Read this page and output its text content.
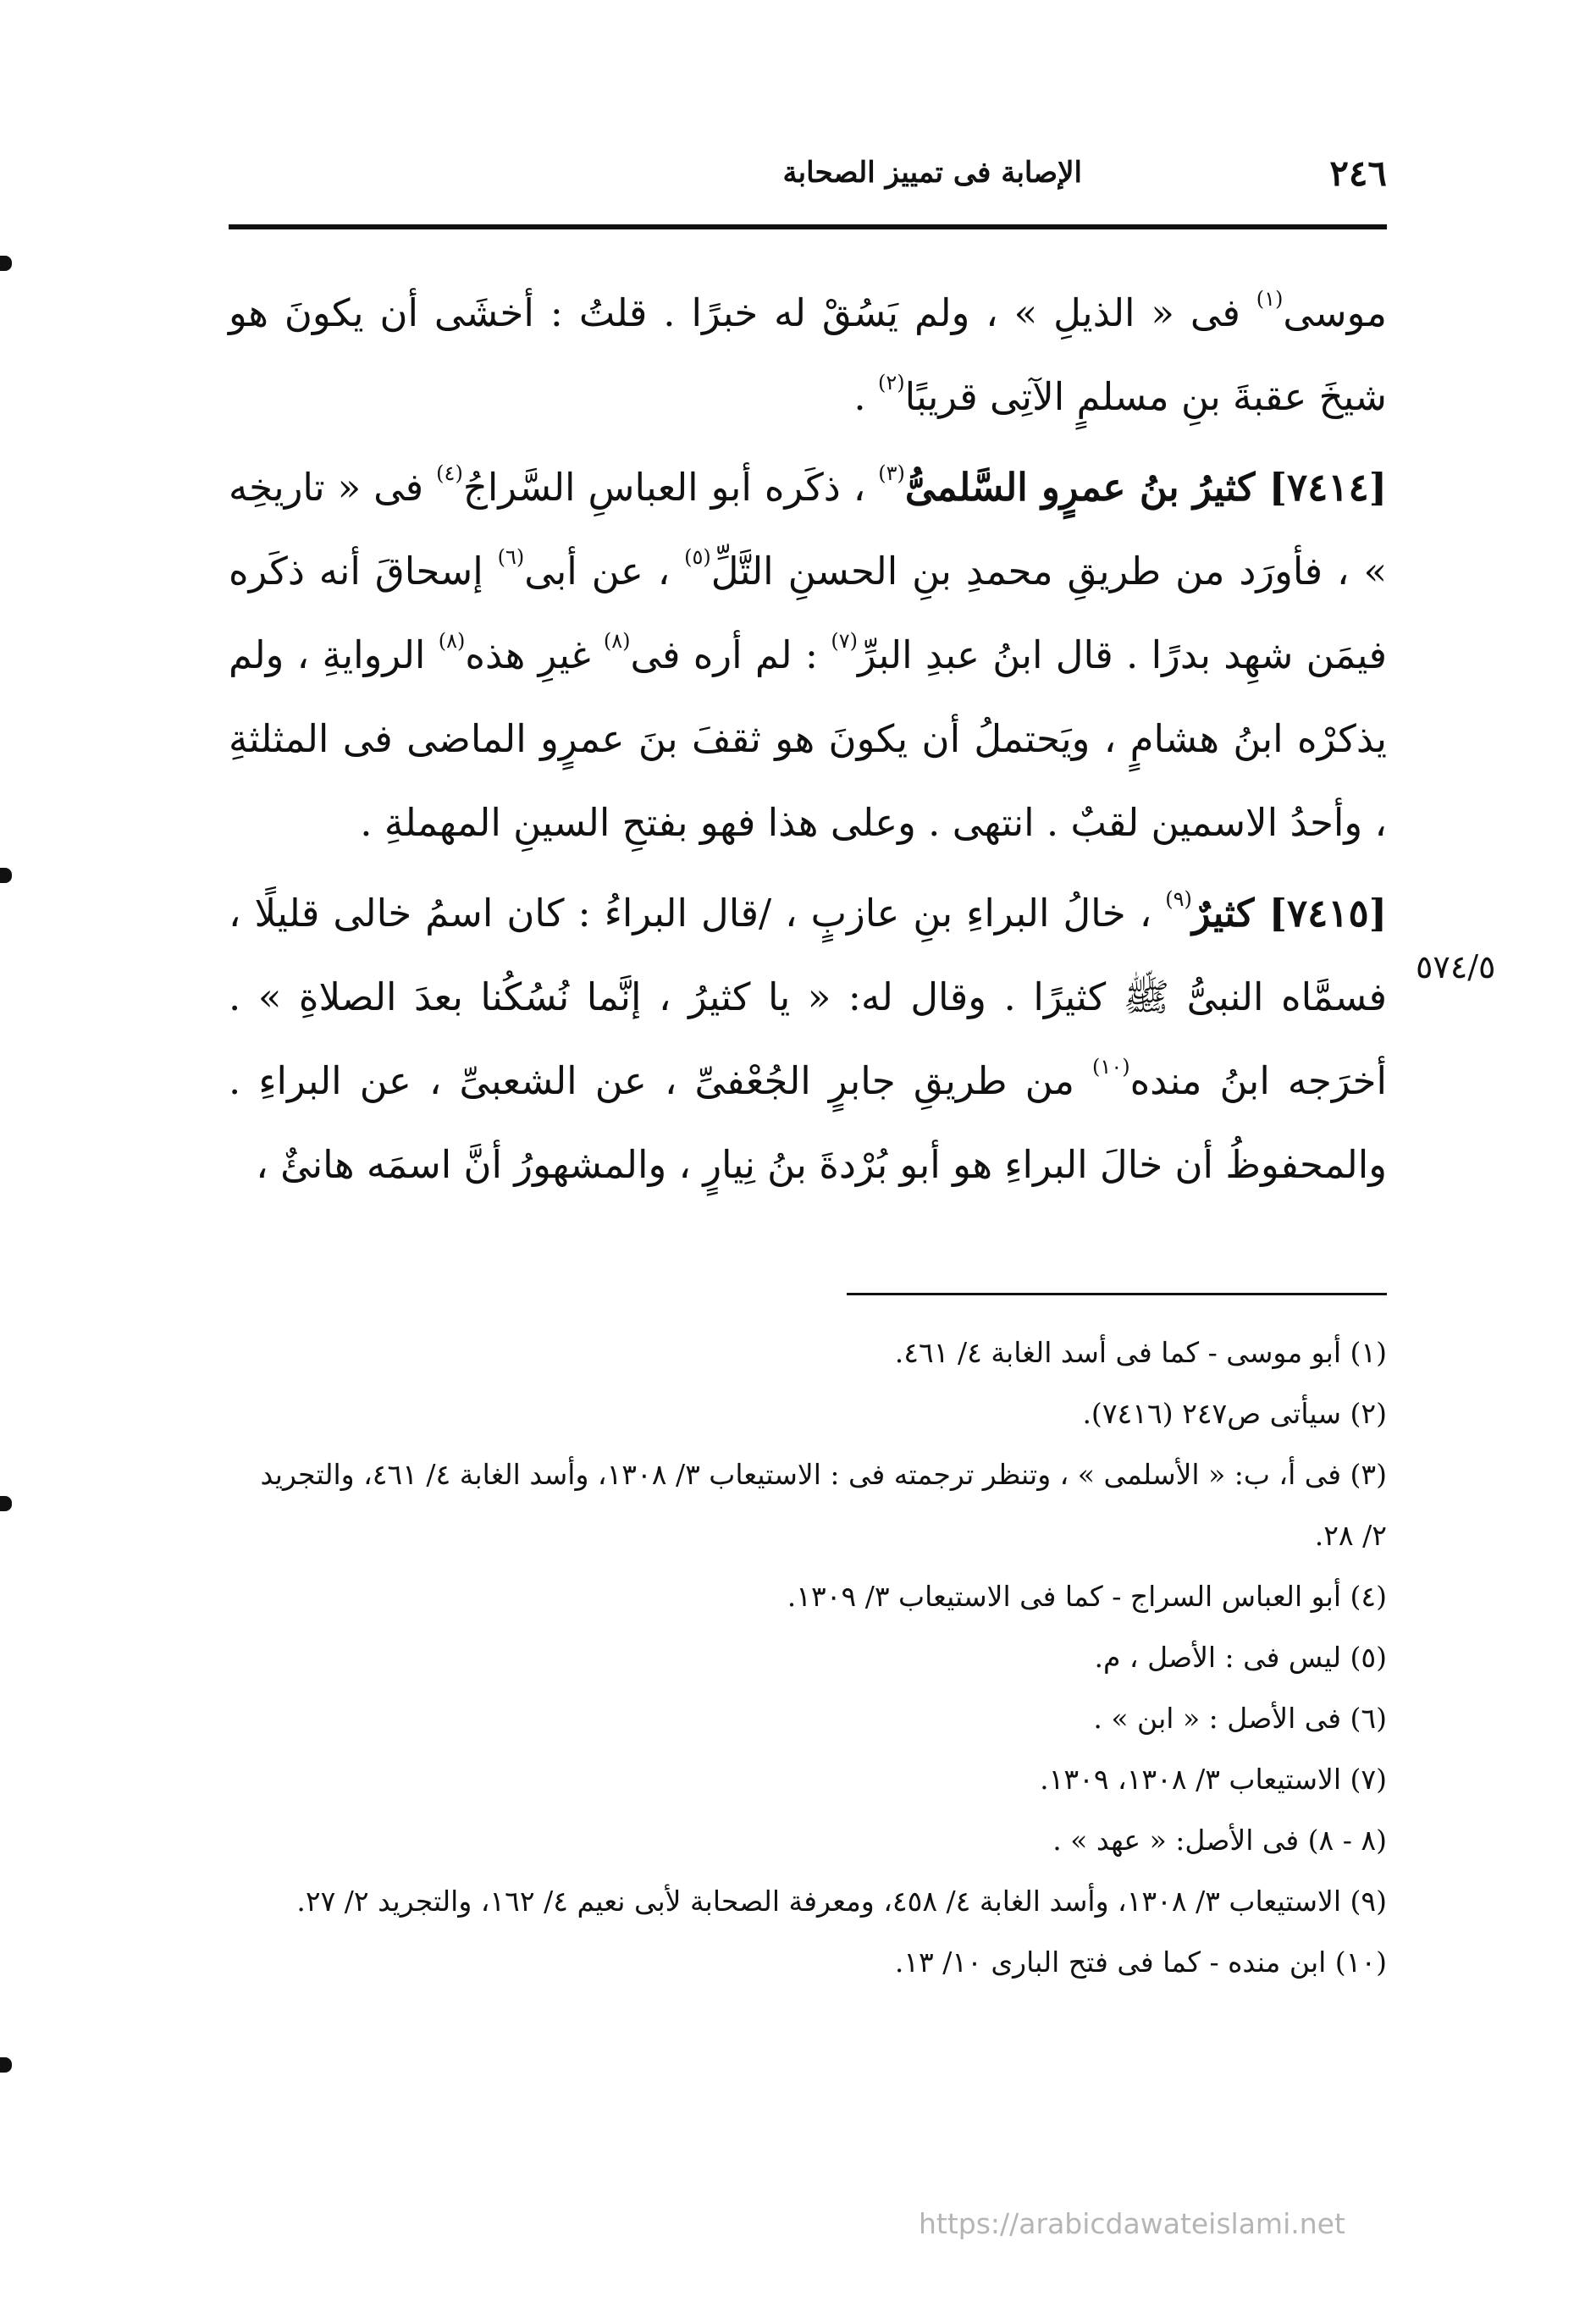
٢٤٦
الإصابة فى تمييز الصحابة

موسى$^{(١)}$ فى « الذيلِ » ، ولم يَسُقْ له خبرًا . قلتُ : أخشَى أن يكونَ هو شيخَ عقبةَ بنِ مسلمٍ الآتِى قريبًا$^{(٢)}$ .

[٧٤١٤] كثيرُ بنُ عمرٍو السَّلمىُّ$^{(٣)}$ ، ذكَره أبو العباسِ السَّراجُ$^{(٤)}$ فى « تاريخِه » ، فأورَد من طريقِ محمدِ بنِ الحسنِ التَّلِّ$^{(٥)}$ ، عن أبى$^{(٦)}$ إسحاقَ أنه ذكَره فيمَن شهِد بدرًا . قال ابنُ عبدِ البرِّ$^{(٧)}$ : لم أره فى$^{(٨)}$ غيرِ هذه$^{(٨)}$ الروايةِ ، ولم يذكرْه ابنُ هشامٍ ، ويَحتملُ أن يكونَ هو ثقفَ بنَ عمرٍو الماضى فى المثلثةِ ، وأحدُ الاسمين لقبٌ . انتهى . وعلى هذا فهو بفتحِ السينِ المهملةِ .

[٧٤١٥] كثيرٌ$^{(٩)}$ ، خالُ البراءِ بنِ عازبٍ ، /قال البراءُ : كان اسمُ خالى قليلًا ، فسمَّاه النبىُّ ﷺ كثيرًا . وقال له: « يا كثيرُ ، إنَّما نُسُكُنا بعدَ الصلاةِ » . أخرَجه ابنُ منده$^{(١٠)}$ من طريقِ جابرٍ الجُعْفىِّ ، عن الشعبىِّ ، عن البراءِ . والمحفوظُ أن خالَ البراءِ هو أبو بُرْدةَ بنُ نِيارٍ ، والمشهورُ أنَّ اسمَه هانئٌ ،

٥٧٤/٥

(١) أبو موسى - كما فى أسد الغابة ٤/ ٤٦١.

(٢) سيأتى ص٢٤٧ (٧٤١٦).

(٣) فى أ، ب: « الأسلمى » ، وتنظر ترجمته فى : الاستيعاب ٣/ ١٣٠٨، وأسد الغابة ٤/ ٤٦١، والتجريد ٢/ ٢٨.

(٤) أبو العباس السراج - كما فى الاستيعاب ٣/ ١٣٠٩.

(٥) ليس فى : الأصل ، م.

(٦) فى الأصل : « ابن » .

(٧) الاستيعاب ٣/ ١٣٠٨، ١٣٠٩.

(٨ - ٨) فى الأصل: « عهد » .

(٩) الاستيعاب ٣/ ١٣٠٨، وأسد الغابة ٤/ ٤٥٨، ومعرفة الصحابة لأبى نعيم ٤/ ١٦٢، والتجريد ٢/ ٢٧.

(١٠) ابن منده - كما فى فتح البارى ١٠/ ١٣.

https://arabicdawateislami.net
